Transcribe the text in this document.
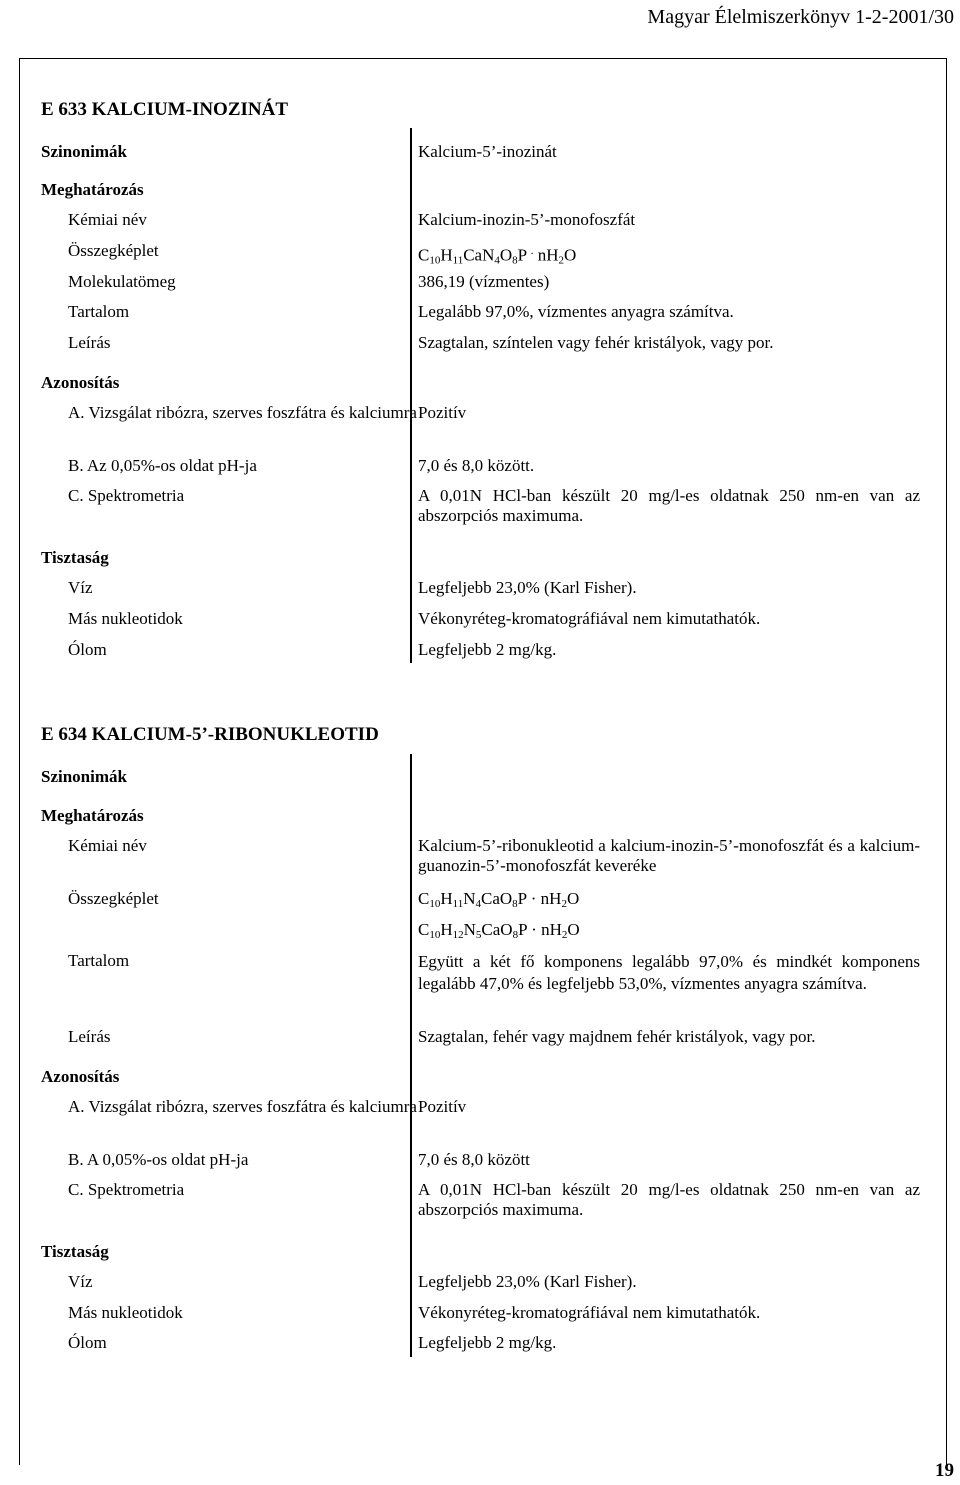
Magyar Élelmiszerkönyv 1-2-2001/30
E 633 KALCIUM-INOZINÁT
Szinonimák	Kalcium-5’-inozinát
Meghatározás
Kémiai név	Kalcium-inozin-5’-monofoszfát
Összegképlet	$C_{10}H_{11}CaN_4O_8P$ . $nH_2O$
Molekulatömeg	386,19 (vízmentes)
Tartalom	Legalább 97,0%, vízmentes anyagra számítva.
Leírás	Szagtalan, színtelen vagy fehér kristályok, vagy por.
Azonosítás
A. Vizsgálat ribózra, szerves foszfátra és kalciumra Pozitív
B. Az 0,05%-os oldat pH-ja	7,0 és 8,0 között.
C. Spektrometria	A 0,01N HCl-ban készült 20 mg/l-es oldatnak 250 nm-en van az abszorpciós maximuma.
Tisztaság
Víz	Legfeljebb 23,0% (Karl Fisher).
Más nukleotidok	Vékonyréteg-kromatográfiával nem kimutathatók.
Ólom	Legfeljebb 2 mg/kg.
E 634 KALCIUM-5’-RIBONUKLEOTID
Szinonimák
Meghatározás
Kémiai név	Kalcium-5’-ribonukleotid a kalcium-inozin-5’-monofoszfát és a kalcium-guanozin-5’-monofoszfát keveréke
Összegképlet	$C_{10}H_{11}N_4CaO_8P \cdot nH_2O$
$C_{10}H_{12}N_5CaO_8P \cdot nH_2O$
Tartalom	Együtt a két fő komponens legalább 97,0% és mindkét komponens legalább 47,0% és legfeljebb 53,0%, vízmentes anyagra számítva.
Leírás	Szagtalan, fehér vagy majdnem fehér kristályok, vagy por.
Azonosítás
A. Vizsgálat ribózra, szerves foszfátra és kalciumra Pozitív
B. A 0,05%-os oldat pH-ja	7,0 és 8,0 között
C. Spektrometria	A 0,01N HCl-ban készült 20 mg/l-es oldatnak 250 nm-en van az abszorpciós maximuma.
Tisztaság
Víz	Legfeljebb 23,0% (Karl Fisher).
Más nukleotidok	Vékonyréteg-kromatográfiával nem kimutathatók.
Ólom	Legfeljebb 2 mg/kg.
19
